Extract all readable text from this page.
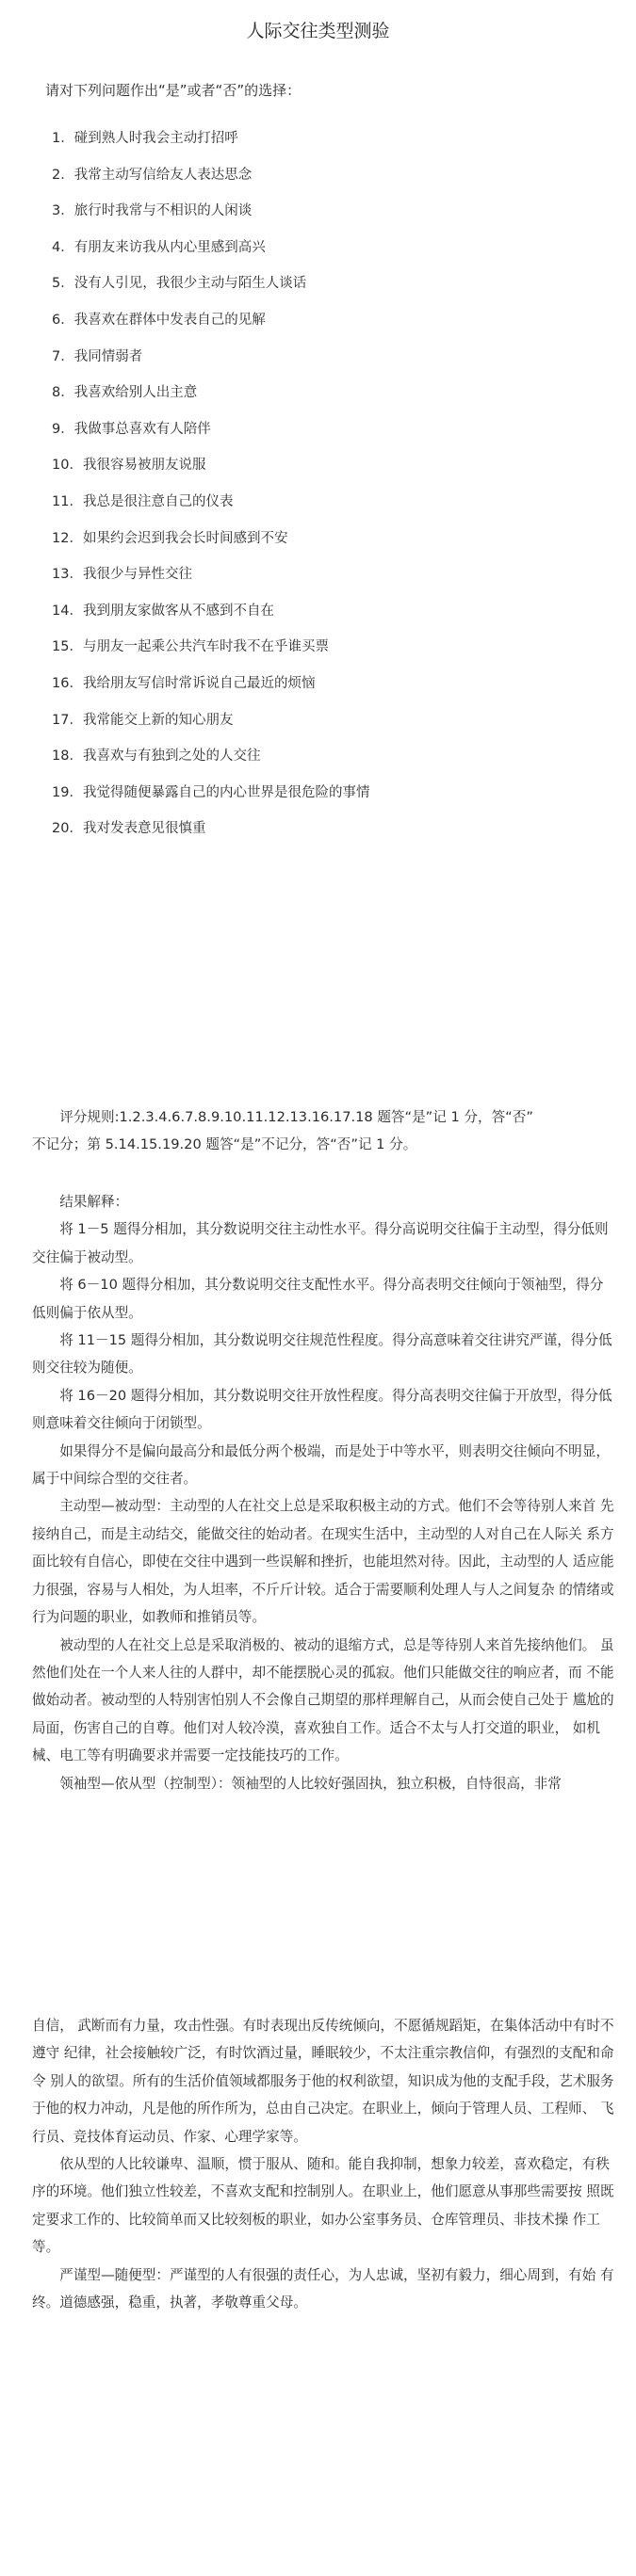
人际交往类型测验
请对下列问题作出“是”或者“否”的选择：
1．碰到熟人时我会主动打招呼
2．我常主动写信给友人表达思念
3．旅行时我常与不相识的人闲谈
4．有朋友来访我从内心里感到高兴
5．没有人引见，我很少主动与陌生人谈话
6．我喜欢在群体中发表自己的见解
7．我同情弱者
8．我喜欢给别人出主意
9．我做事总喜欢有人陪伴
10．我很容易被朋友说服
11．我总是很注意自己的仪表
12．如果约会迟到我会长时间感到不安
13．我很少与异性交往
14．我到朋友家做客从不感到不自在
15．与朋友一起乘公共汽车时我不在乎谁买票
16．我给朋友写信时常诉说自己最近的烦恼
17．我常能交上新的知心朋友
18．我喜欢与有独到之处的人交往
19．我觉得随便暴露自己的内心世界是很危险的事情
20．我对发表意见很慎重

评分规则:1.2.3.4.6.7.8.9.10.11.12.13.16.17.18 题答“是”记 1 分，答“否”

不记分；第 5.14.15.19.20 题答“是”不记分，答“否”记 1 分。

结果解释：

将 1－5 题得分相加，其分数说明交往主动性水平。得分高说明交往偏于主动型，得分低则 交往偏于被动型。

将 6－10 题得分相加，其分数说明交往支配性水平。得分高表明交往倾向于领袖型，得分 低则偏于依从型。

将 11－15 题得分相加，其分数说明交往规范性程度。得分高意味着交往讲究严谨，得分低 则交往较为随便。

将 16－20 题得分相加，其分数说明交往开放性程度。得分高表明交往偏于开放型，得分低 则意味着交往倾向于闭锁型。

如果得分不是偏向最高分和最低分两个极端，而是处于中等水平，则表明交往倾向不明显， 属于中间综合型的交往者。

主动型—被动型：主动型的人在社交上总是采取积极主动的方式。他们不会等待别人来首 先接纳自己，而是主动结交，能做交往的始动者。在现实生活中，主动型的人对自己在人际关 系方面比较有自信心，即使在交往中遇到一些误解和挫折，也能坦然对待。因此，主动型的人 适应能力很强，容易与人相处，为人坦率，不斤斤计较。适合于需要顺利处理人与人之间复杂 的情绪或行为问题的职业，如教师和推销员等。

被动型的人在社交上总是采取消极的、被动的退缩方式，总是等待别人来首先接纳他们。 虽然他们处在一个人来人往的人群中，却不能摆脱心灵的孤寂。他们只能做交往的响应者，而 不能做始动者。被动型的人特别害怕别人不会像自己期望的那样理解自己，从而会使自己处于 尴尬的局面，伤害自己的自尊。他们对人较冷漠，喜欢独自工作。适合不太与人打交道的职业， 如机械、电工等有明确要求并需要一定技能技巧的工作。

领袖型—依从型（控制型）：领袖型的人比较好强固执，独立积极，自恃很高，非常

自信， 武断而有力量，攻击性强。有时表现出反传统倾向，不愿循规蹈矩，在集体活动中有时不遵守 纪律，社会接触较广泛，有时饮酒过量，睡眠较少，不太注重宗教信仰，有强烈的支配和命令 别人的欲望。所有的生活价值领域都服务于他的权利欲望，知识成为他的支配手段，艺术服务 于他的权力冲动，凡是他的所作所为，总由自己决定。在职业上，倾向于管理人员、工程师、 飞行员、竞技体育运动员、作家、心理学家等。

依从型的人比较谦卑、温顺，惯于服从、随和。能自我抑制，想象力较差，喜欢稳定，有秩序的环境。他们独立性较差，不喜欢支配和控制别人。在职业上，他们愿意从事那些需要按 照既定要求工作的、比较简单而又比较刻板的职业，如办公室事务员、仓库管理员、非技术操 作工等。

严谨型—随便型：严谨型的人有很强的责任心，为人忠诚，坚初有毅力，细心周到，有始 有终。道德感强，稳重，执著，孝敬尊重父母。
